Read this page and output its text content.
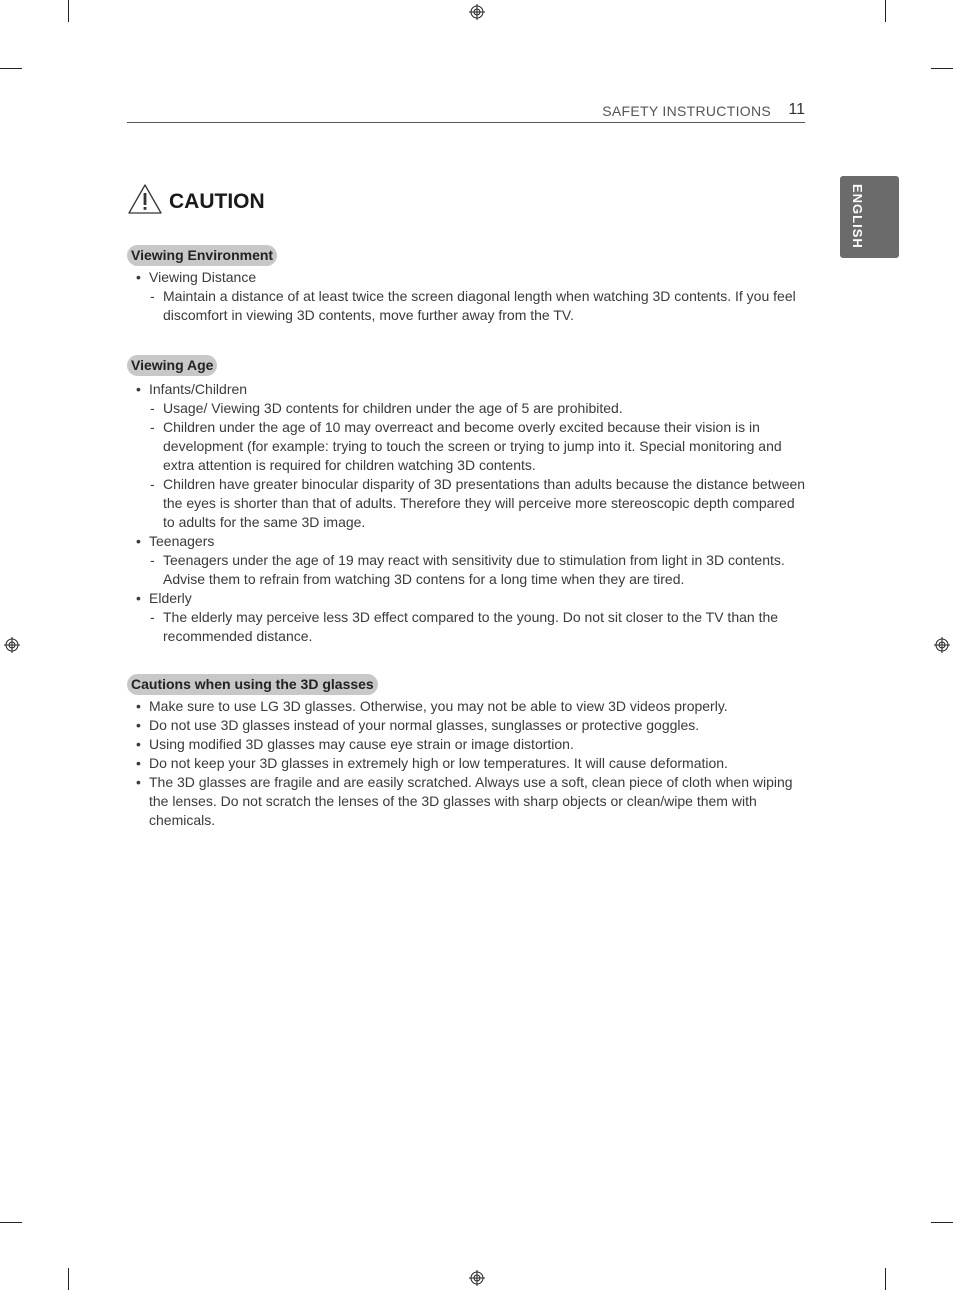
SAFETY INSTRUCTIONS 11
ENGLISH
CAUTION
Viewing Environment
• Viewing Distance
- Maintain a distance of at least twice the screen diagonal length when watching 3D contents. If you feel discomfort in viewing 3D contents, move further away from the TV.
Viewing Age
• Infants/Children
- Usage/ Viewing 3D contents for children under the age of 5 are prohibited.
- Children under the age of 10 may overreact and become overly excited because their vision is in development (for example: trying to touch the screen or trying to jump into it. Special monitoring and extra attention is required for children watching 3D contents.
- Children have greater binocular disparity of 3D presentations than adults because the distance between the eyes is shorter than that of adults. Therefore they will perceive more stereoscopic depth compared to adults for the same 3D image.
• Teenagers
- Teenagers under the age of 19 may react with sensitivity due to stimulation from light in 3D contents. Advise them to refrain from watching 3D contens for a long time when they are tired.
• Elderly
- The elderly may perceive less 3D effect compared to the young. Do not sit closer to the TV than the recommended distance.
Cautions when using the 3D glasses
• Make sure to use LG 3D glasses. Otherwise, you may not be able to view 3D videos properly.
• Do not use 3D glasses instead of your normal glasses, sunglasses or protective goggles.
• Using modified 3D glasses may cause eye strain or image distortion.
• Do not keep your 3D glasses in extremely high or low temperatures. It will cause deformation.
• The 3D glasses are fragile and are easily scratched. Always use a soft, clean piece of cloth when wiping the lenses. Do not scratch the lenses of the 3D glasses with sharp objects or clean/wipe them with chemicals.
